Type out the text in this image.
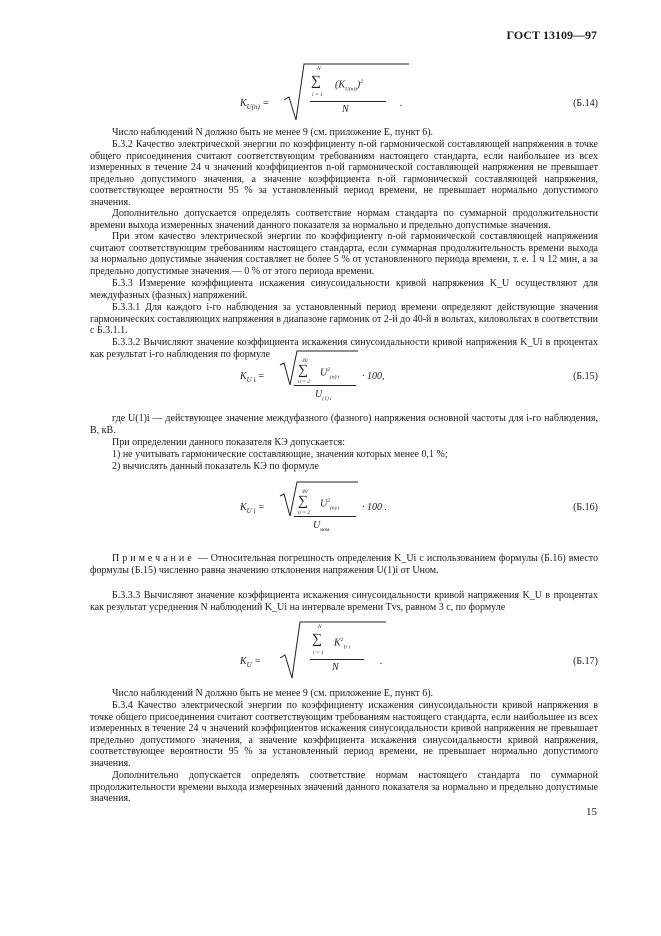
ГОСТ 13109—97
$K_{U(n)}$ =
N
∑
i = 1
$(K_{U(n)i})^2$
N
.	(Б.14)
Число наблюдений N должно быть не менее 9 (см. приложение Е, пункт 6).
Б.3.2 Качество электрической энергии по коэффициенту n-ой гармонической составляющей напряжения в точке общего присоединения считают соответствующим требованиям настоящего стандарта, если наибольшее из всех измеренных в течение 24 ч значений коэффициентов n-ой гармонической составляющей напряжения не превышает предельно допустимого значения, а значение коэффициента n-ой гармонической составляющей напряжения, соответствующее вероятности 95 % за установленный период времени, не превышает нормально допустимого значения.
Дополнительно допускается определять соответствие нормам стандарта по суммарной продолжительности времени выхода измеренных значений данного показателя за нормально и предельно допустимые значения.
При этом качество электрической энергии по коэффициенту n-ой гармонической составляющей напряжения считают соответствующим требованиям настоящего стандарта, если суммарная продолжительность времени выхода за нормально допустимые значения составляет не более 5 % от установленного периода времени, т. е. 1 ч 12 мин, а за предельно допустимые значения — 0 % от этого периода времени.
Б.3.3 Измерение коэффициента искажения синусоидальности кривой напряжения K_U осуществляют для междуфазных (фазных) напряжений.
Б.3.3.1 Для каждого i-го наблюдения за установленный период времени определяют действующие значения гармонических составляющих напряжения в диапазоне гармоник от 2-й до 40-й в вольтах, киловольтах в соответствии с Б.3.1.1.
Б.3.3.2 Вычисляют значение коэффициента искажения синусоидальности кривой напряжения K_Ui в процентах как результат i-го наблюдения по формуле
$K_{U i}$ =
40
∑
n = 2
$U^2_{(n) i}$
$U_{(1) i}$
· 100,	(Б.15)
где U(1)i — действующее значение междуфазного (фазного) напряжения основной частоты для i-го наблюдения, В, кВ.
При определении данного показателя КЭ допускается:
1) не учитывать гармонические составляющие, значения которых менее 0,1 %;
2) вычислять данный показатель КЭ по формуле
$K_{U i}$ =
40
∑
n = 2
$U^2_{(n) i}$
$U_{ном}$
· 100 .	(Б.16)
Примечание — Относительная погрешность определения K_Ui с использованием формулы (Б.16) вместо формулы (Б.15) численно равна значению отклонения напряжения U(1)i от Uном.
Б.3.3.3 Вычисляют значение коэффициента искажения синусоидальности кривой напряжения K_U в процентах как результат усреднения N наблюдений K_Ui на интервале времени Tvs, равном 3 с, по формуле
$K_U$ =
N
∑
i = 1
$K^2_{U i}$
N
.	(Б.17)
Число наблюдений N должно быть не менее 9 (см. приложение Е, пункт 6).
Б.3.4 Качество электрической энергии по коэффициенту искажения синусоидальности кривой напряжения в точке общего присоединения считают соответствующим требованиям настоящего стандарта, если наибольшее из всех измеренных в течение 24 ч значений коэффициентов искажения синусоидальности кривой напряжения не превышает предельно допустимого значения, а значение коэффициента искажения синусоидальности кривой напряжения, соответствующее вероятности 95 % за установленный период времени, не превышает нормально допустимого значения.
Дополнительно допускается определять соответствие нормам настоящего стандарта по суммарной продолжительности времени выхода измеренных значений данного показателя за нормально и предельно допустимые значения.
15
